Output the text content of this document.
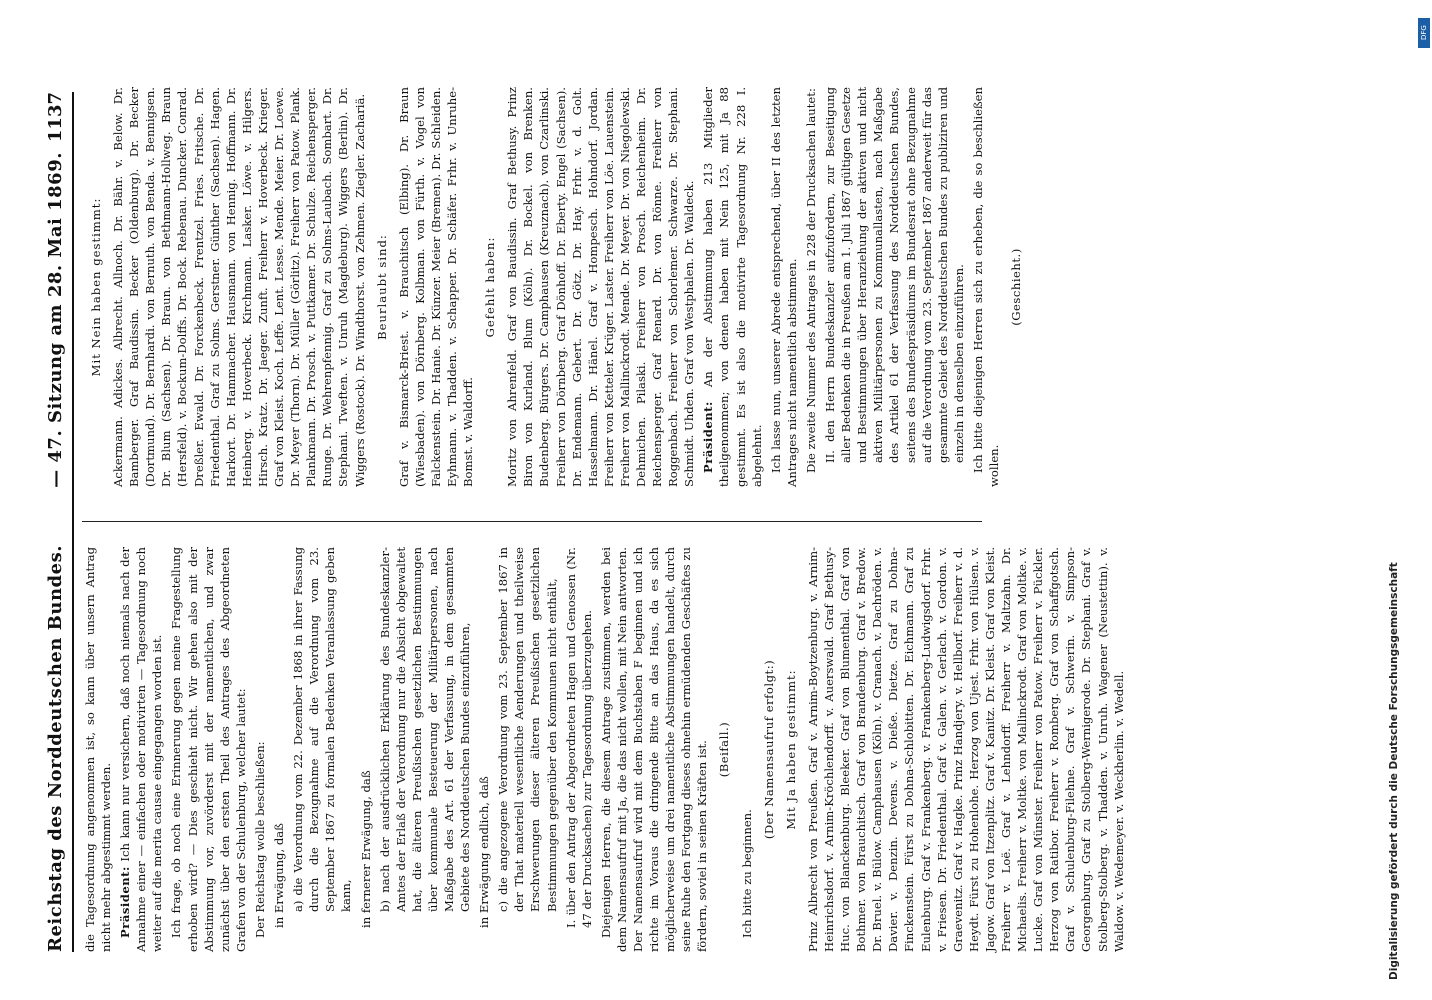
Reichstag des Norddeutschen Bundes.
— 47. Sitzung am 28. Mai 1869.
1137

die Tagesordnung angenommen ist, so kann über unsern Antrag nicht mehr abgestimmt werden. Präsident: Ich kann nur versichern, daß noch niemals nach der Annahme einer — einfachen oder motivirten — Tagesordnung noch weiter auf die merita causae eingegangen worden ist. Ich frage, ob noch eine Erinnerung gegen meine Fragestellung erhoben wird? — Dies geschieht nicht. Wir gehen also mit der Abstimmung vor, zuvörderst mit der namentlichen, und zwar zunächst über den ersten Theil des Antrages des Abgeordneten Grafen von der Schulenburg, welcher lautet: Der Reichstag wolle beschließen: in Erwägung, daß a) die Verordnung vom 22. Dezember 1868 in ihrer Fassung durch die Bezugnahme auf die Verordnung vom 23. September 1867 zu formalen Bedenken Veranlassung geben kann, in fernerer Erwägung, daß b) nach der ausdrücklichen Erklärung des Bundeskanzler-Amtes der Erlaß der Verordnung nur die Absicht obgewaltet hat, die älteren Preußischen gesetzlichen Bestimmungen über kommunale Besteuerung der Militärpersonen, nach Maßgabe des Art. 61 der Verfassung, in dem gesammten Gebiete des Norddeutschen Bundes einzuführen, in Erwägung endlich, daß c) die angezogene Verordnung vom 23. September 1867 in der That materiell wesentliche Aenderungen und theilweise Erschwerungen dieser älteren Preußischen gesetzlichen Bestimmungen gegenüber den Kommunen nicht enthält, I. über den Antrag der Abgeordneten Hagen und Genossen (Nr. 47 der Drucksachen) zur Tagesordnung überzugehen. Diejenigen Herren, die diesem Antrage zustimmen, werden bei dem Namensaufruf mit Ja, die das nicht wollen, mit Nein antworten. Der Namensaufruf wird mit dem Buchstaben F beginnen und ich richte im Voraus die dringende Bitte an das Haus, da es sich möglicherweise um drei namentliche Abstimmungen handelt, durch seine Ruhe den Fortgang dieses ohnehin ermüdenden Geschäftes zu fördern, soviel in seinen Kräften ist. (Beifall.)

Ich bitte zu beginnen.

(Der Namensaufruf erfolgt:) Mit Ja haben gestimmt: Prinz Albrecht von Preußen. Graf v. Arnim-Boytzenburg. v. Arnim-Heinrichsdorf. v. Arnim-Kröchlendorff. v. Auerswald. Graf Bethusy-Huc. von Blanckenburg. Bleeker. Graf von Blumenthal. Graf von Bothmer. von Brauchitsch. Graf von Brandenburg. Graf v. Bredow. Dr. Bruel. v. Bülow. Camphausen (Köln). v. Cranach. v. Dachröden. v. Davier. v. Denzin. Devens. v. Dieße. Dietze. Graf zu Dohna-Finckenstein. Fürst zu Dohna-Schlobitten. Dr. Eichmann. Graf zu Eulenburg. Graf v. Frankenberg. v. Frankenberg-Ludwigsdorf. Frhr. v. Friesen. Dr. Friedenthal. Graf v. Galen. v. Gerlach. v. Gordon. v. Graevenitz. Graf v. Hagke. Prinz Handjery. v. Hellborf. Freiherr v. d. Heydt. Fürst zu Hohenlohe. Herzog von Ujest. Frhr. von Hülsen. v. Jagow. Graf von Itzenplitz. Graf v. Kanitz. Dr. Kleist. Graf von Kleist. Freiherr v. Loë. Graf v. Lehndorff. Freiherr v. Maltzahn. Dr. Michaelis. Freiherr v. Moltke. von Mallinckrodt. Graf von Moltke. v. Lucke. Graf von Münster. Freiherr von Patow. Freiherr v. Pückler. Herzog von Ratibor. Freiherr v. Romberg. Graf von Schaffgotsch. Graf v. Schulenburg-Filehne. Graf v. Schwerin. v. Simpson-Georgenburg. Graf zu Stolberg-Wernigerode. Dr. Stephani. Graf v. Stolberg-Stolberg. v. Thadden. v. Unruh. Wagener (Neustettin). v. Waldow. v. Wedemeyer. v. Weckherlin. v. Wedell.

Mit Nein haben gestimmt: Ackermann. Adickes. Albrecht. Allnoch. Dr. Bähr. v. Below. Dr. Bamberger. Graf Baudissin. Becker (Oldenburg). Dr. Becker (Dortmund). Dr. Bernhardi. von Bernuth. von Benda. v. Bennigsen. Dr. Blum (Sachsen). Dr. Braun. von Bethmann-Hollweg. Braun (Hersfeld). v. Bockum-Dolffs. Dr. Bock. Rebenau. Duncker. Conrad. Dreßler. Ewald. Dr. Forckenbeck. Frentzel. Fries. Fritsche. Dr. Friedenthal. Graf zu Solms. Gerstner. Günther (Sachsen). Hagen. Harkort. Dr. Hammacher. Hausmann. von Hennig. Hoffmann. Dr. Heinberg. v. Hoverbeck. Kirchmann. Lasker. Löwe. v. Hilgers. Hirsch. Kratz. Dr. Jaeger. Zunft. Freiherr v. Hoverbeck. Krieger. Graf von Kleist. Koch. Leffe. Lent. Lesse. Mende. Meier. Dr. Loewe. Dr. Meyer (Thorn). Dr. Müller (Görlitz). Freiherr von Patow. Plank. Plankmann. Dr. Prosch. v. Puttkamer. Dr. Schulze. Reichensperger. Runge. Dr. Wehrenpfennig. Graf zu Solms-Laubach. Sombart. Dr. Stephani. Tweften. v. Unruh (Magdeburg). Wiggers (Berlin). Dr. Wiggers (Rostock). Dr. Windthorst. von Zehmen. Ziegler. Zachariä. Beurlaubt sind: Graf v. Bismarck-Briest. v. Brauchitsch (Elbing). Dr. Braun (Wiesbaden). von Dörnberg. Kolbman. von Fürth. v. Vogel von Falckenstein. Dr. Hanie. Dr. Künzer. Meier (Bremen). Dr. Schleiden. Eyhmann. v. Thadden. v. Schapper. Dr. Schäfer. Frhr. v. Unruhe-Bomst. v. Waldorff.

Gefehlt haben: Moritz von Ahrenfeld. Graf von Baudissin. Graf Bethusy. Prinz Biron von Kurland. Blum (Köln). Dr. Bockel. von Brenken. Budenberg. Bürgers. Dr. Camphausen (Kreuznach). von Czarlinski. Freiherr von Dörnberg. Graf Dönhoff. Dr. Eberty. Engel (Sachsen). Dr. Endemann. Gebert. Dr. Götz. Dr. Hay. Frhr. v. d. Golt. Hasselmann. Dr. Hänel. Graf v. Hompesch. Hohndorf. Jordan. Freiherr von Ketteler. Krüger. Laster. Freiherr von Löe. Lauenstein. Freiherr von Mallinckrodt. Mende. Dr. Meyer. Dr. von Niegolewski. Dehmichen. Pilaski. Freiherr von Prosch. Reichenheim. Dr. Reichensperger. Graf Renard. Dr. von Rönne. Freiherr von Roggenbach. Freiherr von Schorlemer. Schwarze. Dr. Stephani. Schmidt. Uhden. Graf von Westphalen. Dr. Waldeck. Präsident: An der Abstimmung haben 213 Mitglieder theilgenommen; von denen haben mit Nein 125, mit Ja 88 gestimmt. Es ist also die motivirte Tagesordnung Nr. 228 I. abgelehnt. Ich lasse nun, unserer Abrede entsprechend, über II des letzten Antrages nicht namentlich abstimmen. Die zweite Nummer des Antrages in 228 der Drucksachen lautet: II. den Herrn Bundeskanzler aufzufordern, zur Beseitigung aller Bedenken die in Preußen am 1. Juli 1867 gültigen Gesetze und Bestimmungen über Heranziehung der aktiven und nicht aktiven Militärpersonen zu Kommunallasten, nach Maßgabe des Artikel 61 der Verfassung des Norddeutschen Bundes, seitens des Bundespräsidiums im Bundesrat ohne Bezugnahme auf die Verordnung vom 23. September 1867 anderweit für das gesammte Gebiet des Norddeutschen Bundes zu publiziren und einzeln in denselben einzuführen. Ich bitte diejenigen Herren sich zu erheben, die so beschließen wollen.

(Geschieht.)

Digitalisierung gefördert durch die Deutsche Forschungsgemeinschaft
DFG
